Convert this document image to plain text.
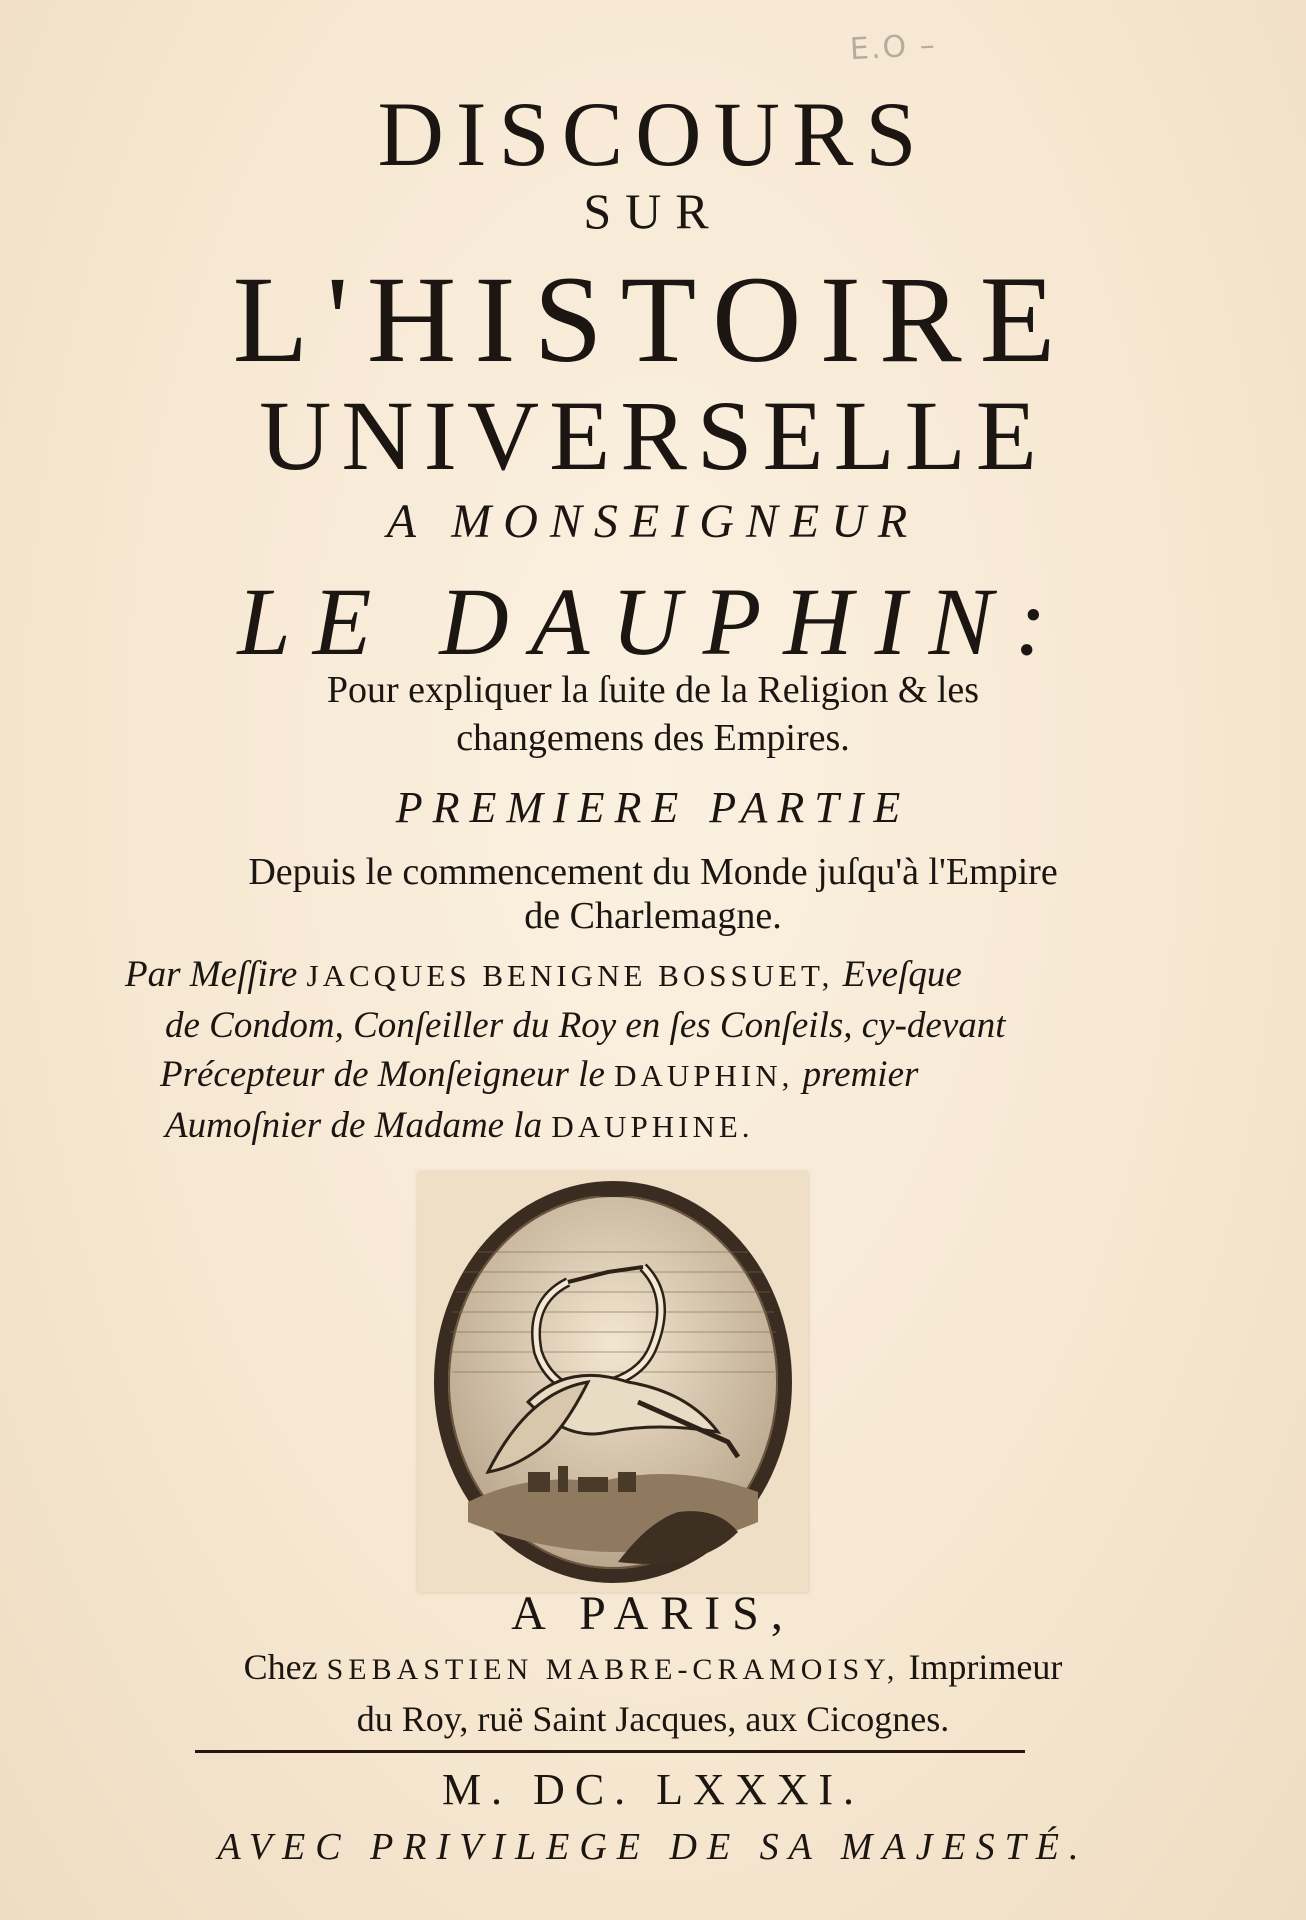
E.O –
DISCOURS
SUR
L'HISTOIRE
UNIVERSELLE
A MONSEIGNEUR
LE DAUPHIN:
Pour expliquer la ſuite de la Religion & les
changemens des Empires.
PREMIERE PARTIE
Depuis le commencement du Monde juſqu'à l'Empire
de Charlemagne.
Par Meſſire JACQUES BENIGNE BOSSUET, Eveſque
de Condom, Conſeiller du Roy en ſes Conſeils, cy-devant
Précepteur de Monſeigneur le DAUPHIN, premier
Aumoſnier de Madame la DAUPHINE.
A PARIS,
Chez SEBASTIEN MABRE-CRAMOISY, Imprimeur
du Roy, ruë Saint Jacques, aux Cicognes.
M. DC. LXXXI.
AVEC PRIVILEGE DE SA MAJESTÉ.
